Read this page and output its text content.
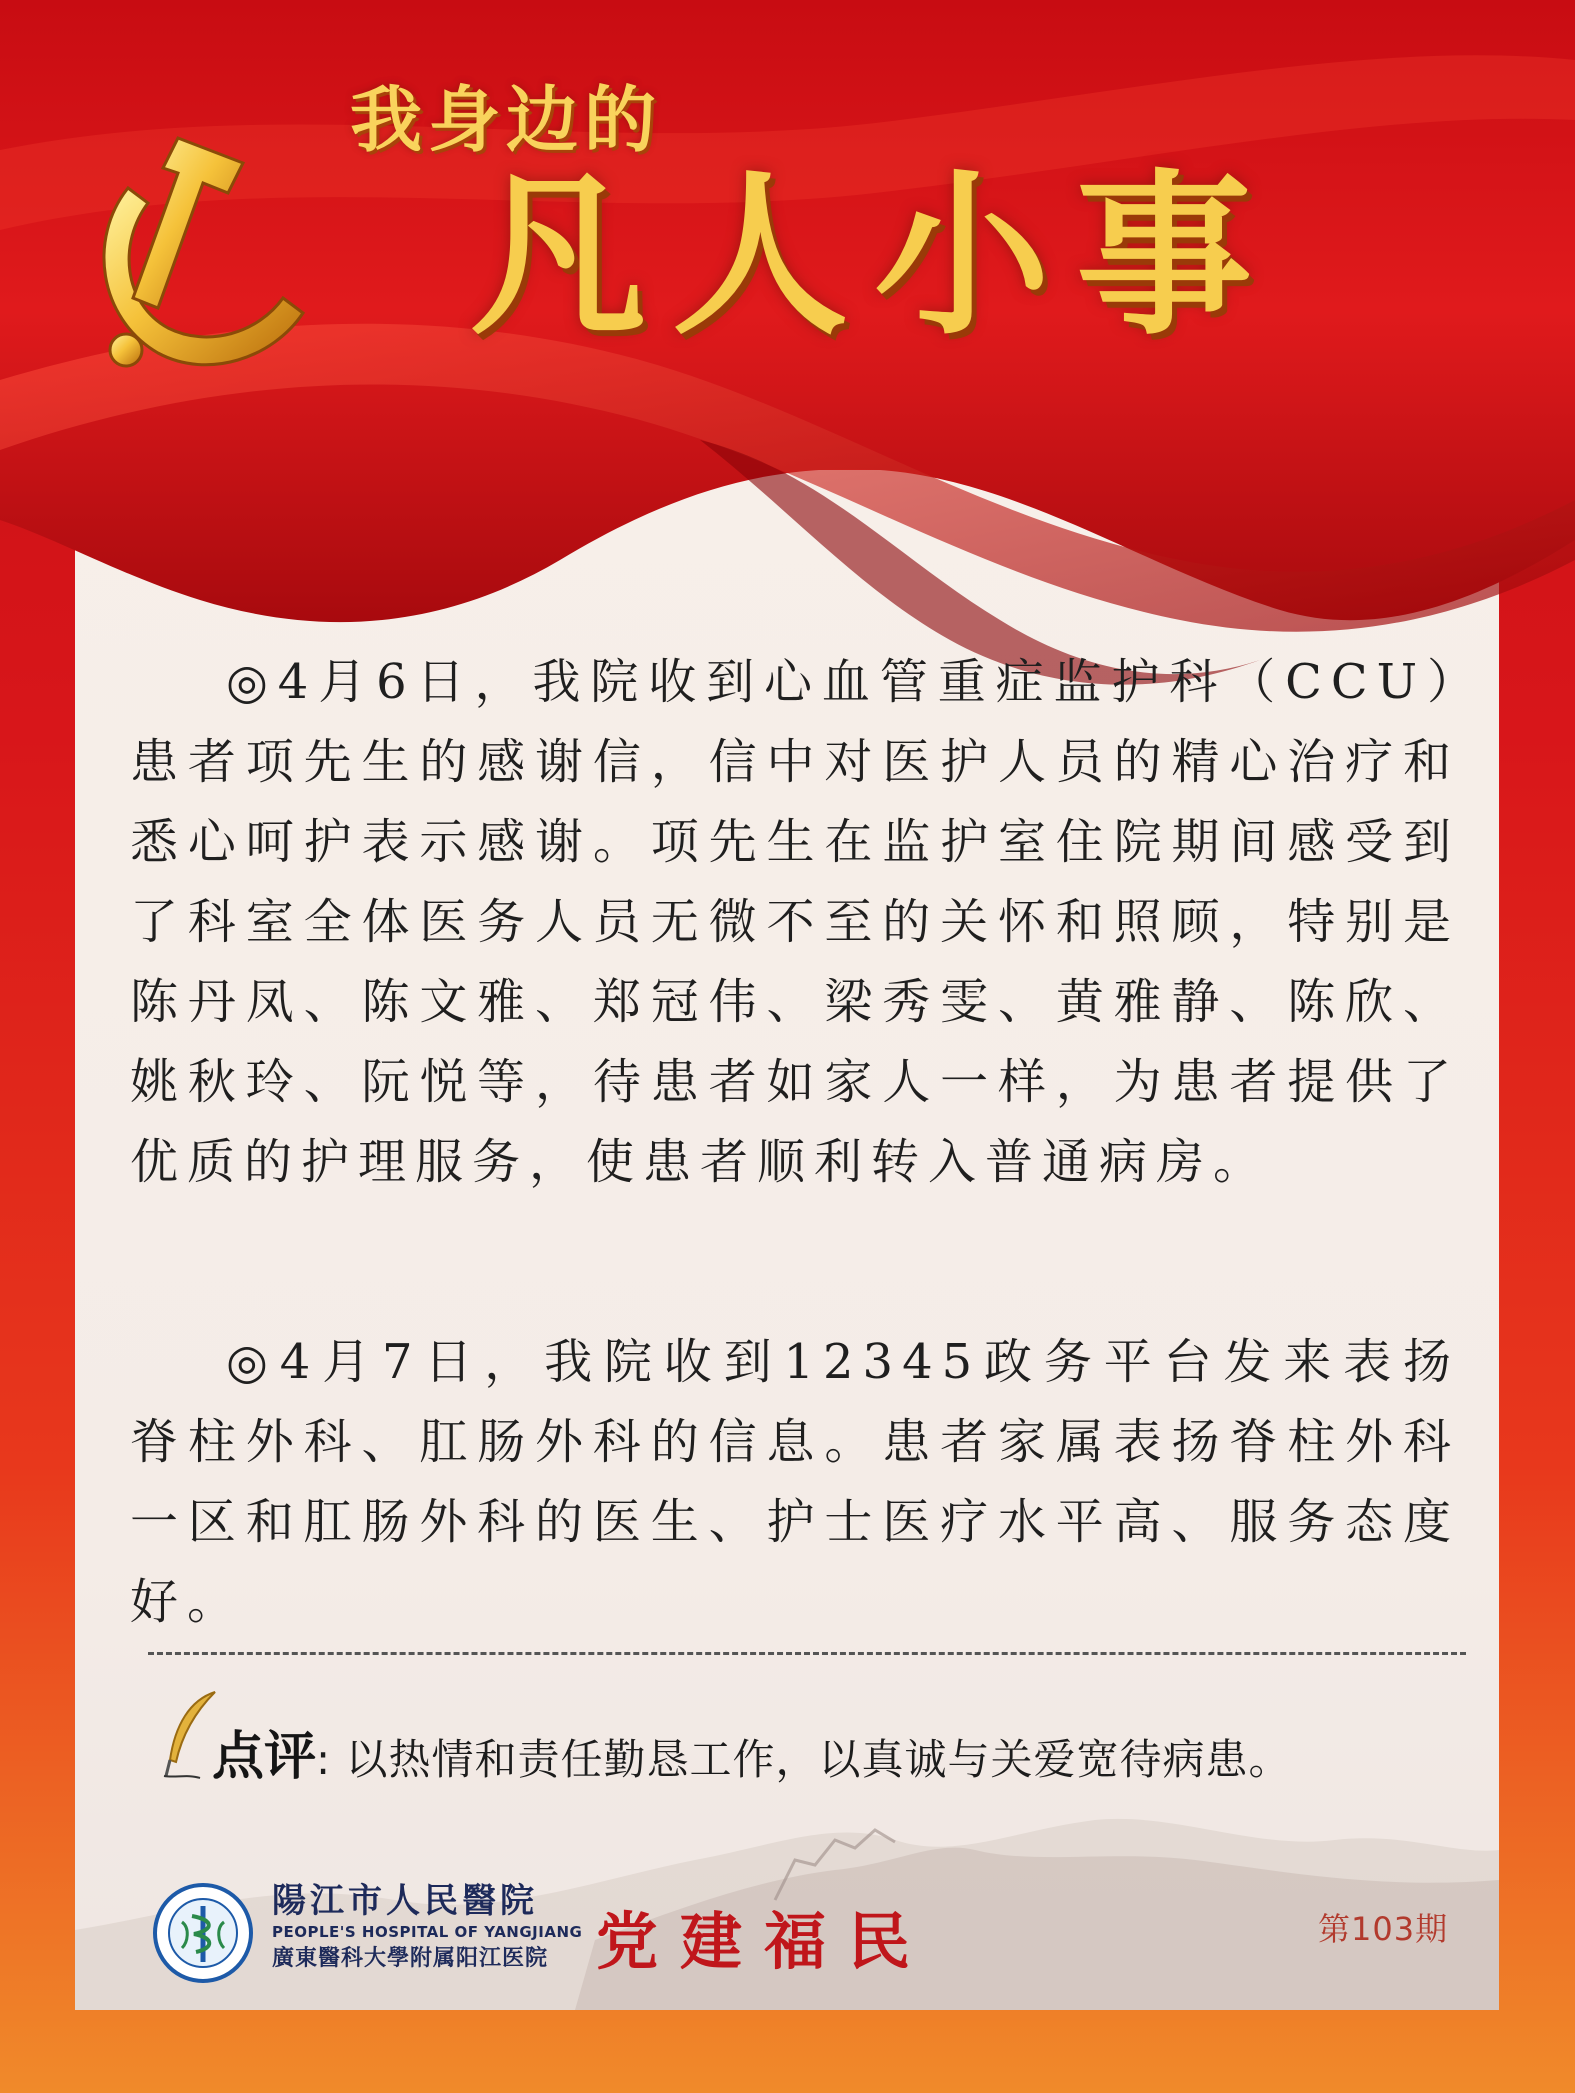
我身边的
凡人小事

◎4月6日，我院收到心血管重症监护科（CCU）患者项先生的感谢信，信中对医护人员的精心治疗和悉心呵护表示感谢。项先生在监护室住院期间感受到了科室全体医务人员无微不至的关怀和照顾，特别是陈丹凤、陈文雅、郑冠伟、梁秀雯、黄雅静、陈欣、姚秋玲、阮悦等，待患者如家人一样，为患者提供了优质的护理服务，使患者顺利转入普通病房。

◎4月7日，我院收到12345政务平台发来表扬脊柱外科、肛肠外科的信息。患者家属表扬脊柱外科一区和肛肠外科的医生、护士医疗水平高、服务态度好。

点评: 以热情和责任勤恳工作，以真诚与关爱宽待病患。
陽江市人民醫院
PEOPLE'S HOSPITAL OF YANGJIANG
廣東醫科大學附属阳江医院 党建福民	第103期
